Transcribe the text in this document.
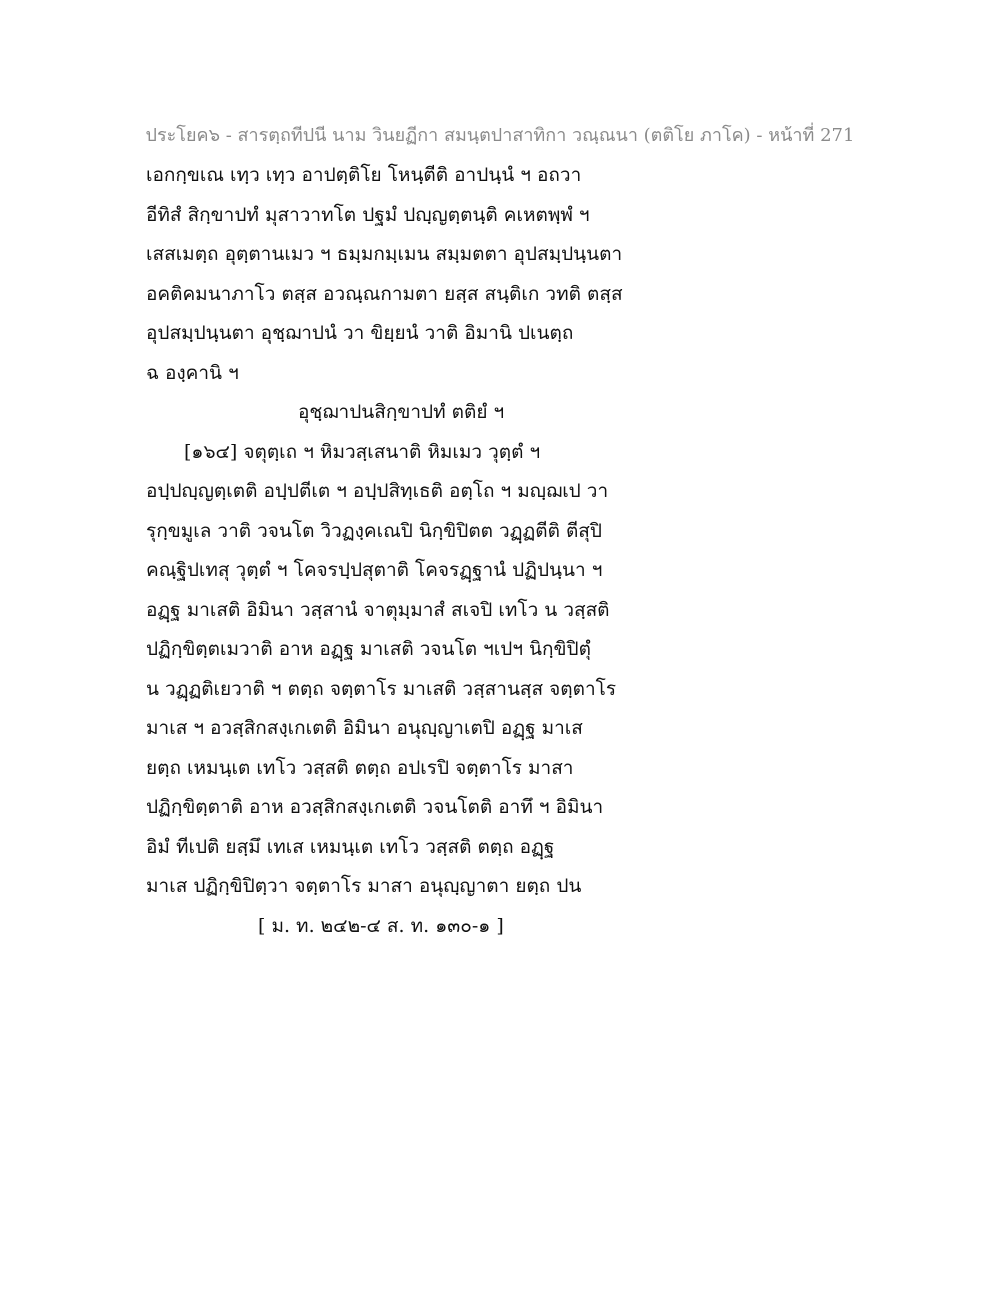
ประโยค๖ - สารตฺถทีปนี นาม วินยฏีกา สมนฺตปาสาทิกา วณฺณนา (ตติโย ภาโค) - หน้าที่ 271
เอกกฺขเณ เทฺว เทฺว อาปตฺติโย โหนฺตีติ อาปนฺนํ ฯ อถวา
อีทิสํ สิกฺขาปทํ มุสาวาทโต ปฐมํ ปญฺญตฺตนฺติ คเหตพฺพํ ฯ
เสสเมตฺถ อุตฺตานเมว ฯ ธมฺมกมฺเมน สมฺมตตา อุปสมฺปนฺนตา
อคติคมนาภาโว ตสฺส อวณฺณกามตา ยสฺส สนฺติเก วทติ ตสฺส
อุปสมฺปนฺนตา อุชฺฌาปนํ วา ขิยฺยนํ วาติ อิมานิ ปเนตฺถ
ฉ องฺคานิ ฯ
อุชฺฌาปนสิกฺขาปทํ ตติยํ ฯ
[๑๖๔] จตุตฺเถ ฯ หิมวสฺเสนาติ หิมเมว วุตฺตํ ฯ
อปฺปญฺญตฺเตติ อปฺปตีเต ฯ อปฺปสิทฺเธติ อตฺโถ ฯ มญฺฌเป วา
รุกฺขมูเล วาติ วจนโต วิวฏงฺคเณปิ นิกฺขิปิตต วฏฺฏตีติ ตีสุปิ
คณฺฐิปเทสุ วุตฺตํ ฯ โคจรปฺปสุตาติ โคจรฏฺฐานํ ปฏิปนฺนา ฯ
อฏฺฐ มาเสติ อิมินา วสฺสานํ จาตุมฺมาสํ สเจปิ เทโว น วสฺสติ
ปฏิกฺขิตฺตเมวาติ อาห อฏฺฐ มาเสติ วจนโต ฯเปฯ นิกฺขิปิตุํ
น วฏฺฏติเยวาติ ฯ ตตฺถ จตฺตาโร มาเสติ วสฺสานสฺส จตฺตาโร
มาเส ฯ อวสฺสิกสงฺเกเตติ อิมินา อนุญฺญาเตปิ อฏฺฐ มาเส
ยตฺถ เหมนฺเต เทโว วสฺสติ ตตฺถ อปเรปิ จตฺตาโร มาสา
ปฏิกฺขิตฺตาติ อาห อวสฺสิกสงฺเกเตติ วจนโตติ อาทึ ฯ อิมินา
อิมํ ทีเปติ ยสฺมึ เทเส เหมนฺเต เทโว วสฺสติ ตตฺถ อฏฺฐ
มาเส ปฏิกฺขิปิตฺวา จตฺตาโร มาสา อนุญฺญาตา ยตฺถ ปน
[ ม. ท. ๒๔๒-๔ ส. ท. ๑๓๐-๑ ]
